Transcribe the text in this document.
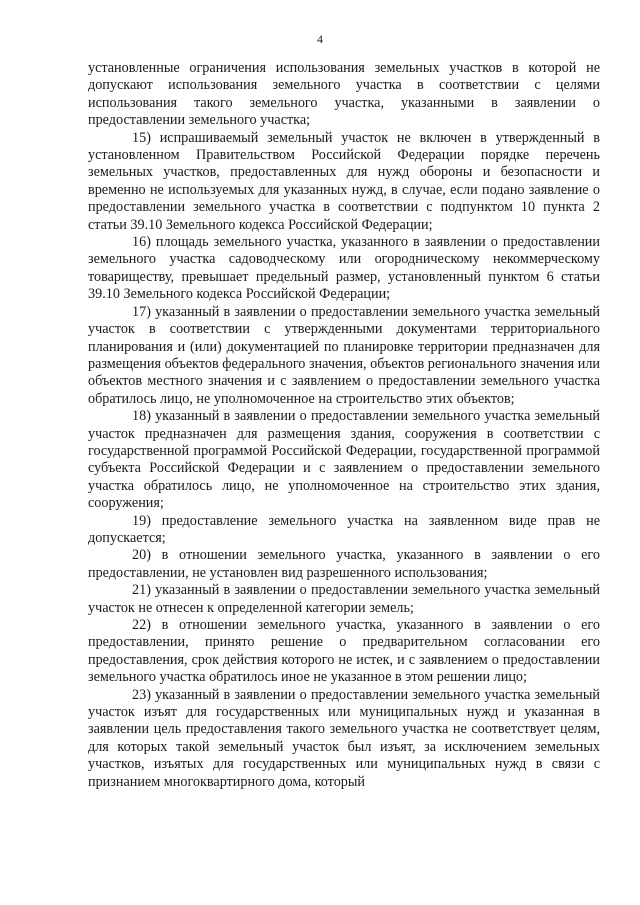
4

установленные ограничения использования земельных участков в которой не допускают использования земельного участка в соответствии с целями использования такого земельного участка, указанными в заявлении о предоставлении земельного участка;

15) испрашиваемый земельный участок не включен в утвержденный в установленном Правительством Российской Федерации порядке перечень земельных участков, предоставленных для нужд обороны и безопасности и временно не используемых для указанных нужд, в случае, если подано заявление о предоставлении земельного участка в соответствии с подпунктом 10 пункта 2 статьи 39.10 Земельного кодекса Российской Федерации;

16) площадь земельного участка, указанного в заявлении о предоставлении земельного участка садоводческому или огородническому некоммерческому товариществу, превышает предельный размер, установленный пунктом 6 статьи 39.10 Земельного кодекса Российской Федерации;

17) указанный в заявлении о предоставлении земельного участка земельный участок в соответствии с утвержденными документами территориального планирования и (или) документацией по планировке территории предназначен для размещения объектов федерального значения, объектов регионального значения или объектов местного значения и с заявлением о предоставлении земельного участка обратилось лицо, не уполномоченное на строительство этих объектов;

18) указанный в заявлении о предоставлении земельного участка земельный участок предназначен для размещения здания, сооружения в соответствии с государственной программой Российской Федерации, государственной программой субъекта Российской Федерации и с заявлением о предоставлении земельного участка обратилось лицо, не уполномоченное на строительство этих здания, сооружения;

19) предоставление земельного участка на заявленном виде прав не допускается;

20) в отношении земельного участка, указанного в заявлении о его предоставлении, не установлен вид разрешенного использования;

21) указанный в заявлении о предоставлении земельного участка земельный участок не отнесен к определенной категории земель;

22) в отношении земельного участка, указанного в заявлении о его предоставлении, принято решение о предварительном согласовании его предоставления, срок действия которого не истек, и с заявлением о предоставлении земельного участка обратилось иное не указанное в этом решении лицо;

23) указанный в заявлении о предоставлении земельного участка земельный участок изъят для государственных или муниципальных нужд и указанная в заявлении цель предоставления такого земельного участка не соответствует целям, для которых такой земельный участок был изъят, за исключением земельных участков, изъятых для государственных или муниципальных нужд в связи с признанием многоквартирного дома, который
